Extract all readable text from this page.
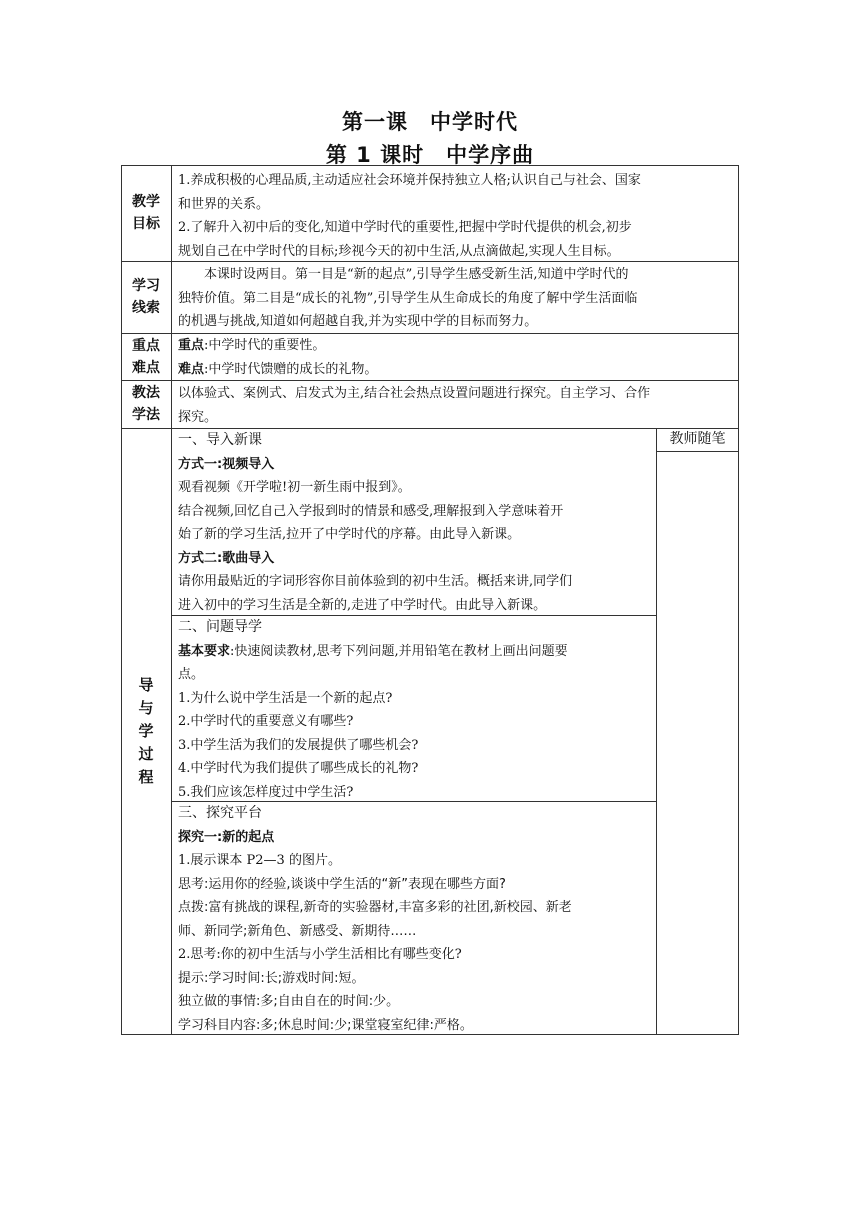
第一课　中学时代
第 1 课时　中学序曲
教学
目标

1.养成积极的心理品质,主动适应社会环境并保持独立人格;认识自己与社会、国家

和世界的关系。

2.了解升入初中后的变化,知道中学时代的重要性,把握中学时代提供的机会,初步

规划自己在中学时代的目标;珍视今天的初中生活,从点滴做起,实现人生目标。

学习
线索

　　本课时设两目。第一目是“新的起点”,引导学生感受新生活,知道中学时代的

独特价值。第二目是“成长的礼物”,引导学生从生命成长的角度了解中学生活面临

的机遇与挑战,知道如何超越自我,并为实现中学的目标而努力。

重点
难点

重点:中学时代的重要性。

难点:中学时代馈赠的成长的礼物。

教法
学法

以体验式、案例式、启发式为主,结合社会热点设置问题进行探究。自主学习、合作

探究。

导
与
学
过
程
教师随笔

一、导入新课

方式一:视频导入

观看视频《开学啦!初一新生雨中报到》。

结合视频,回忆自己入学报到时的情景和感受,理解报到入学意味着开

始了新的学习生活,拉开了中学时代的序幕。由此导入新课。

方式二:歌曲导入

请你用最贴近的字词形容你目前体验到的初中生活。概括来讲,同学们

进入初中的学习生活是全新的,走进了中学时代。由此导入新课。

二、问题导学

基本要求:快速阅读教材,思考下列问题,并用铅笔在教材上画出问题要

点。

1.为什么说中学生活是一个新的起点?

2.中学时代的重要意义有哪些?

3.中学生活为我们的发展提供了哪些机会?

4.中学时代为我们提供了哪些成长的礼物?

5.我们应该怎样度过中学生活?

三、探究平台

探究一:新的起点

1.展示课本 P2—3 的图片。

思考:运用你的经验,谈谈中学生活的“新”表现在哪些方面?

点拨:富有挑战的课程,新奇的实验器材,丰富多彩的社团,新校园、新老

师、新同学;新角色、新感受、新期待……

2.思考:你的初中生活与小学生活相比有哪些变化?

提示:学习时间:长;游戏时间:短。

独立做的事情:多;自由自在的时间:少。

学习科目内容:多;休息时间:少;课堂寝室纪律:严格。
